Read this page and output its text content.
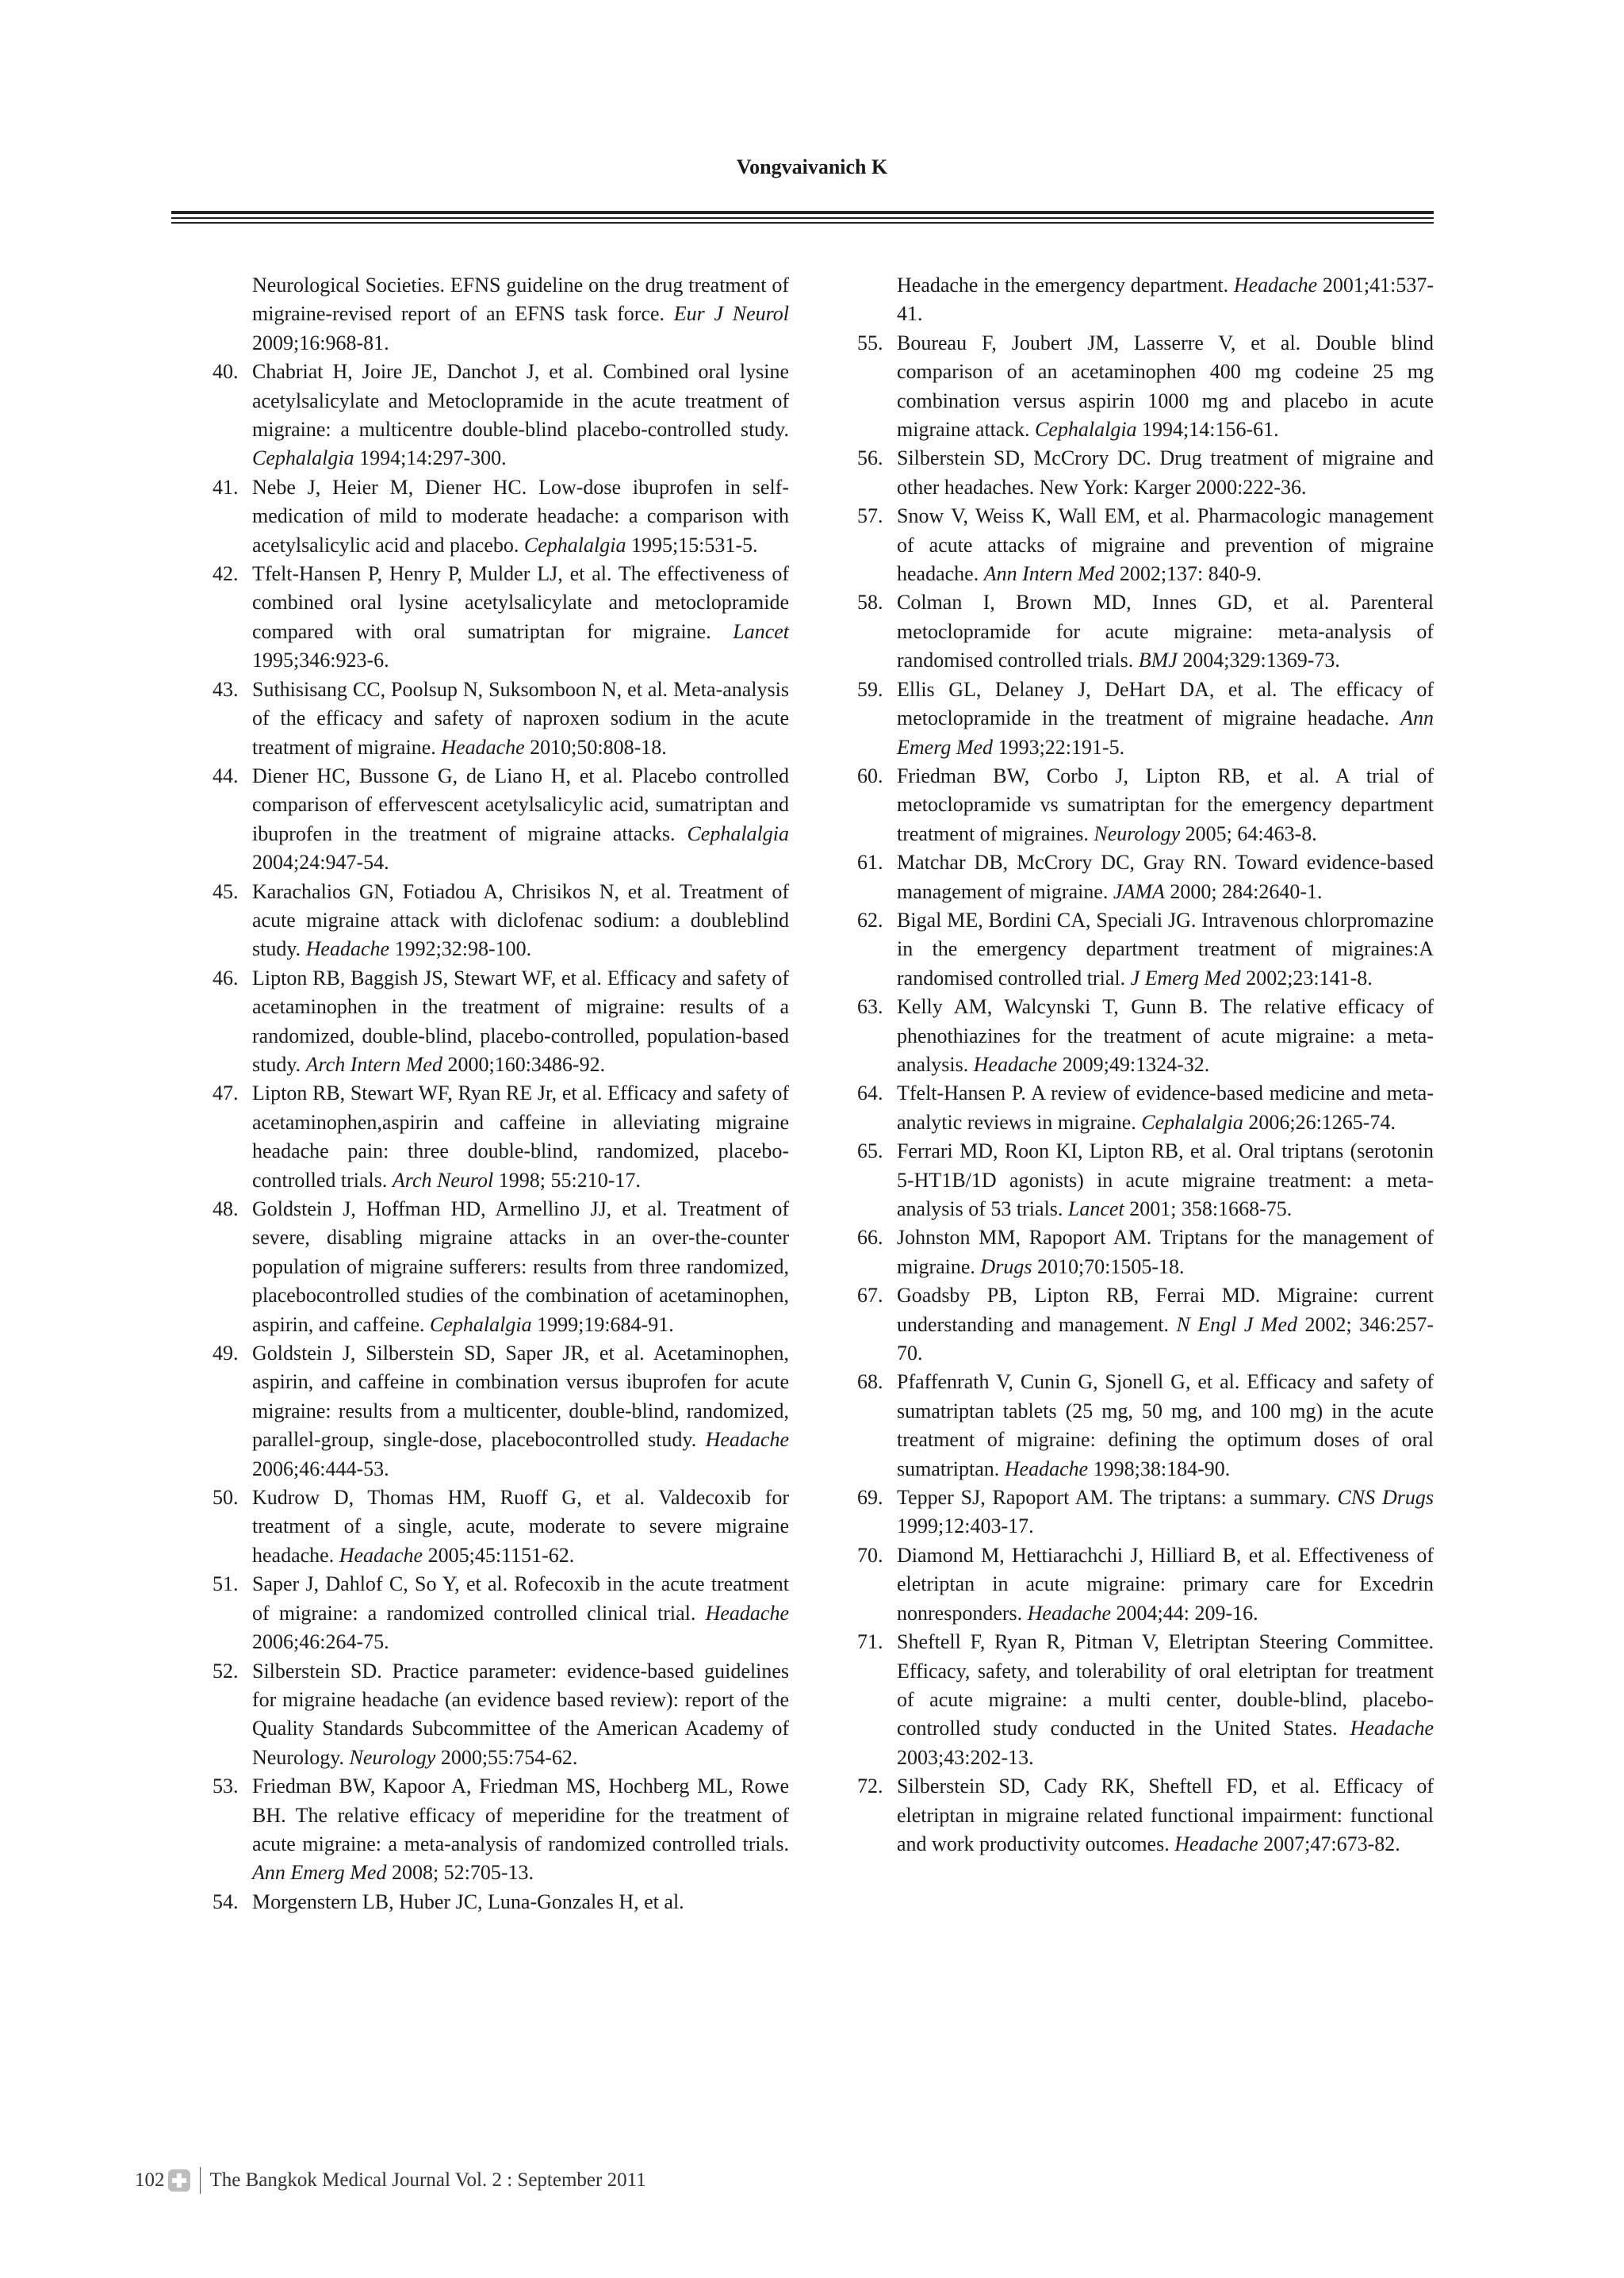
Vongvaivanich K
Neurological Societies. EFNS guideline on the drug treatment of migraine-revised report of an EFNS task force. Eur J Neurol 2009;16:968-81.
40. Chabriat H, Joire JE, Danchot J, et al. Combined oral lysine acetylsalicylate and Metoclopramide in the acute treatment of migraine: a multicentre double-blind placebo-controlled study. Cephalalgia 1994;14:297-300.
41. Nebe J, Heier M, Diener HC. Low-dose ibuprofen in self-medication of mild to moderate headache: a comparison with acetylsalicylic acid and placebo. Cephalalgia 1995;15:531-5.
42. Tfelt-Hansen P, Henry P, Mulder LJ, et al. The effectiveness of combined oral lysine acetylsalicylate and metoclopramide compared with oral sumatriptan for migraine. Lancet 1995;346:923-6.
43. Suthisisang CC, Poolsup N, Suksomboon N, et al. Meta-analysis of the efficacy and safety of naproxen sodium in the acute treatment of migraine. Headache 2010;50:808-18.
44. Diener HC, Bussone G, de Liano H, et al. Placebo controlled comparison of effervescent acetylsalicylic acid, sumatriptan and ibuprofen in the treatment of migraine attacks. Cephalalgia 2004;24:947-54.
45. Karachalios GN, Fotiadou A, Chrisikos N, et al. Treatment of acute migraine attack with diclofenac sodium: a doubleblind study. Headache 1992;32:98-100.
46. Lipton RB, Baggish JS, Stewart WF, et al. Efficacy and safety of acetaminophen in the treatment of migraine: results of a randomized, double-blind, placebo-controlled, population-based study. Arch Intern Med 2000;160:3486-92.
47. Lipton RB, Stewart WF, Ryan RE Jr, et al. Efficacy and safety of acetaminophen,aspirin and caffeine in alleviating migraine headache pain: three double-blind, randomized, placebo-controlled trials. Arch Neurol 1998; 55:210-17.
48. Goldstein J, Hoffman HD, Armellino JJ, et al. Treatment of severe, disabling migraine attacks in an over-the-counter population of migraine sufferers: results from three randomized, placebocontrolled studies of the combination of acetaminophen, aspirin, and caffeine. Cephalalgia 1999;19:684-91.
49. Goldstein J, Silberstein SD, Saper JR, et al. Acetaminophen, aspirin, and caffeine in combination versus ibuprofen for acute migraine: results from a multicenter, double-blind, randomized, parallel-group, single-dose, placebocontrolled study. Headache 2006;46:444-53.
50. Kudrow D, Thomas HM, Ruoff G, et al. Valdecoxib for treatment of a single, acute, moderate to severe migraine headache. Headache 2005;45:1151-62.
51. Saper J, Dahlof C, So Y, et al. Rofecoxib in the acute treatment of migraine: a randomized controlled clinical trial. Headache 2006;46:264-75.
52. Silberstein SD. Practice parameter: evidence-based guidelines for migraine headache (an evidence based review): report of the Quality Standards Subcommittee of the American Academy of Neurology. Neurology 2000;55:754-62.
53. Friedman BW, Kapoor A, Friedman MS, Hochberg ML, Rowe BH. The relative efficacy of meperidine for the treatment of acute migraine: a meta-analysis of randomized controlled trials. Ann Emerg Med 2008; 52:705-13.
54. Morgenstern LB, Huber JC, Luna-Gonzales H, et al.
Headache in the emergency department. Headache 2001;41:537-41.
55. Boureau F, Joubert JM, Lasserre V, et al. Double blind comparison of an acetaminophen 400 mg codeine 25 mg combination versus aspirin 1000 mg and placebo in acute migraine attack. Cephalalgia 1994;14:156-61.
56. Silberstein SD, McCrory DC. Drug treatment of migraine and other headaches. New York: Karger 2000:222-36.
57. Snow V, Weiss K, Wall EM, et al. Pharmacologic management of acute attacks of migraine and prevention of migraine headache. Ann Intern Med 2002;137: 840-9.
58. Colman I, Brown MD, Innes GD, et al. Parenteral metoclopramide for acute migraine: meta-analysis of randomised controlled trials. BMJ 2004;329:1369-73.
59. Ellis GL, Delaney J, DeHart DA, et al. The efficacy of metoclopramide in the treatment of migraine headache. Ann Emerg Med 1993;22:191-5.
60. Friedman BW, Corbo J, Lipton RB, et al. A trial of metoclopramide vs sumatriptan for the emergency department treatment of migraines. Neurology 2005; 64:463-8.
61. Matchar DB, McCrory DC, Gray RN. Toward evidence-based management of migraine. JAMA 2000; 284:2640-1.
62. Bigal ME, Bordini CA, Speciali JG. Intravenous chlorpromazine in the emergency department treatment of migraines:A randomised controlled trial. J Emerg Med 2002;23:141-8.
63. Kelly AM, Walcynski T, Gunn B. The relative efficacy of phenothiazines for the treatment of acute migraine: a meta-analysis. Headache 2009;49:1324-32.
64. Tfelt-Hansen P. A review of evidence-based medicine and meta-analytic reviews in migraine. Cephalalgia 2006;26:1265-74.
65. Ferrari MD, Roon KI, Lipton RB, et al. Oral triptans (serotonin 5-HT1B/1D agonists) in acute migraine treatment: a meta-analysis of 53 trials. Lancet 2001; 358:1668-75.
66. Johnston MM, Rapoport AM. Triptans for the management of migraine. Drugs 2010;70:1505-18.
67. Goadsby PB, Lipton RB, Ferrai MD. Migraine: current understanding and management. N Engl J Med 2002; 346:257-70.
68. Pfaffenrath V, Cunin G, Sjonell G, et al. Efficacy and safety of sumatriptan tablets (25 mg, 50 mg, and 100 mg) in the acute treatment of migraine: defining the optimum doses of oral sumatriptan. Headache 1998;38:184-90.
69. Tepper SJ, Rapoport AM. The triptans: a summary. CNS Drugs 1999;12:403-17.
70. Diamond M, Hettiarachchi J, Hilliard B, et al. Effectiveness of eletriptan in acute migraine: primary care for Excedrin nonresponders. Headache 2004;44: 209-16.
71. Sheftell F, Ryan R, Pitman V, Eletriptan Steering Committee. Efficacy, safety, and tolerability of oral eletriptan for treatment of acute migraine: a multi center, double-blind, placebo-controlled study conducted in the United States. Headache 2003;43:202-13.
72. Silberstein SD, Cady RK, Sheftell FD, et al. Efficacy of eletriptan in migraine related functional impairment: functional and work productivity outcomes. Headache 2007;47:673-82.
102 The Bangkok Medical Journal Vol. 2 : September 2011
